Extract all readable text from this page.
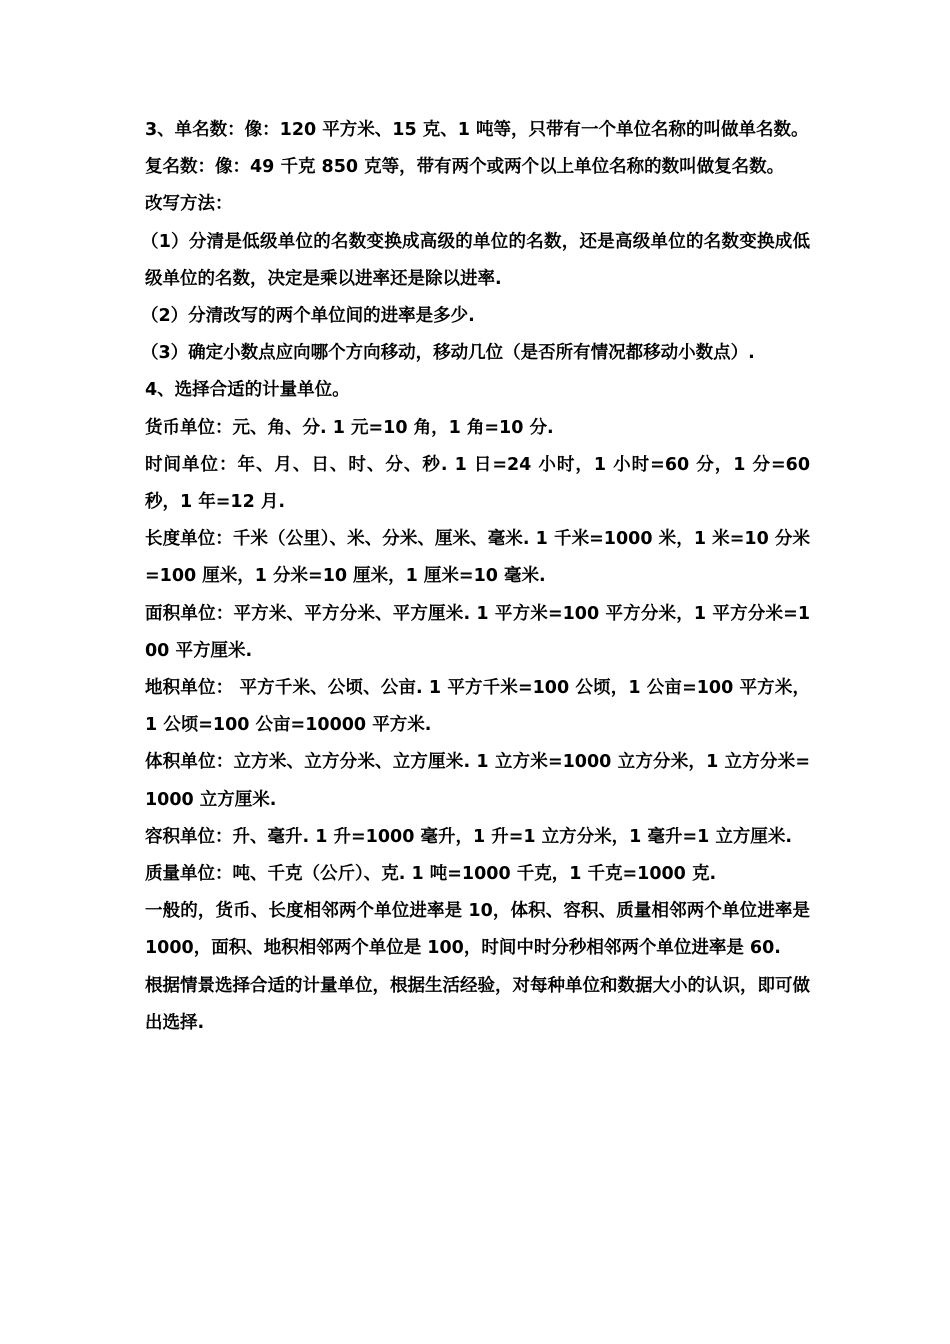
3、单名数：像：120 平方米、15 克、1 吨等，只带有一个单位名称的叫做单名数。

复名数：像：49 千克 850 克等，带有两个或两个以上单位名称的数叫做复名数。

改写方法：

（1）分清是低级单位的名数变换成高级的单位的名数，还是高级单位的名数变换成低级单位的名数，决定是乘以进率还是除以进率.

（2）分清改写的两个单位间的进率是多少.

（3）确定小数点应向哪个方向移动，移动几位（是否所有情况都移动小数点）.

4、选择合适的计量单位。

货币单位：元、角、分. 1 元=10 角，1 角=10 分.

时间单位：年、月、日、时、分、秒. 1 日=24 小时，1 小时=60 分，1 分=60 秒，1 年=12 月.

长度单位：千米（公里）、米、分米、厘米、毫米. 1 千米=1000 米，1 米=10 分米=100 厘米，1 分米=10 厘米，1 厘米=10 毫米.

面积单位：平方米、平方分米、平方厘米. 1 平方米=100 平方分米，1 平方分米=100 平方厘米.

地积单位： 平方千米、公顷、公亩. 1 平方千米=100 公顷，1 公亩=100 平方米，1 公顷=100 公亩=10000 平方米.

体积单位：立方米、立方分米、立方厘米. 1 立方米=1000 立方分米，1 立方分米=1000 立方厘米.

容积单位：升、毫升. 1 升=1000 毫升，1 升=1 立方分米，1 毫升=1 立方厘米.

质量单位：吨、千克（公斤）、克. 1 吨=1000 千克，1 千克=1000 克.

一般的，货币、长度相邻两个单位进率是 10，体积、容积、质量相邻两个单位进率是 1000，面积、地积相邻两个单位是 100，时间中时分秒相邻两个单位进率是 60.

根据情景选择合适的计量单位，根据生活经验，对每种单位和数据大小的认识，即可做出选择.
